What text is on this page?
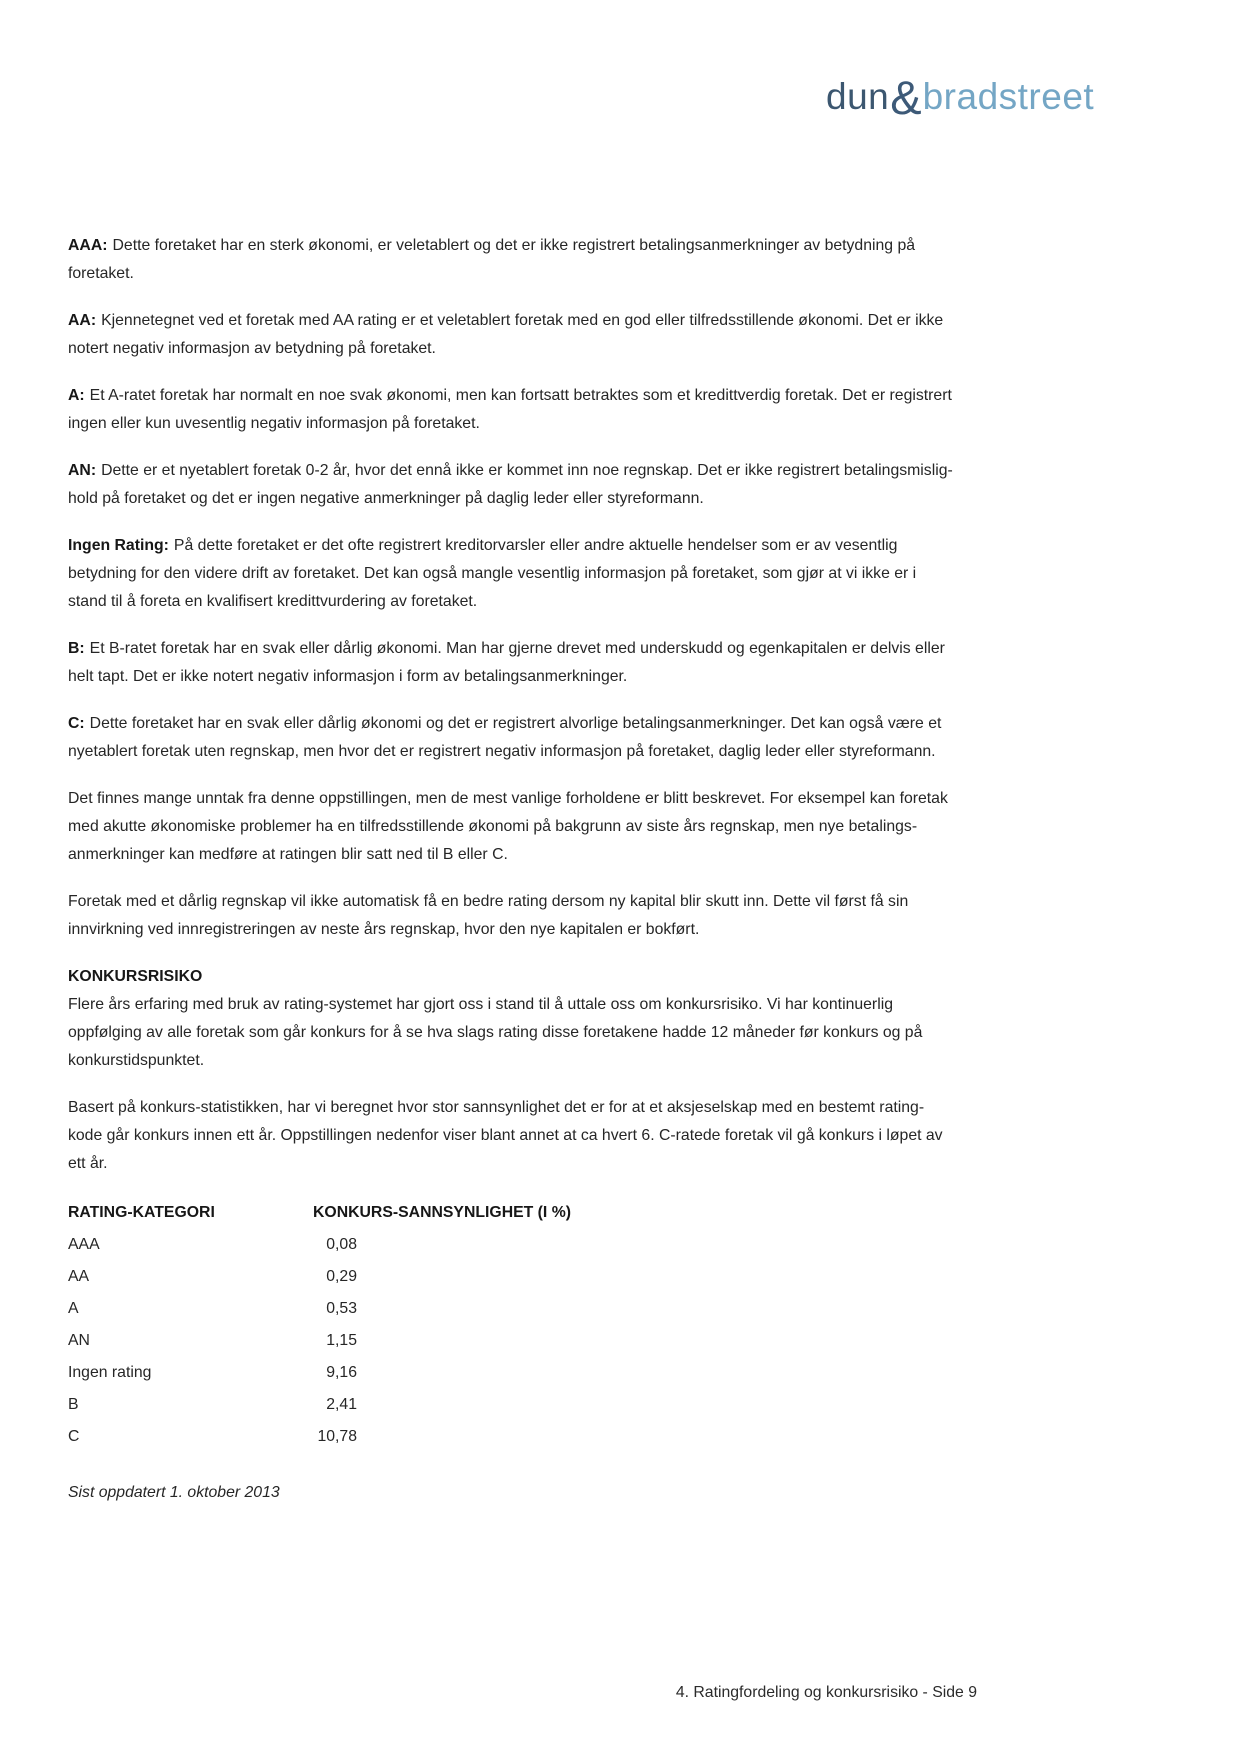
dun&bradstreet

AAA: Dette foretaket har en sterk økonomi, er veletablert og det er ikke registrert betalingsanmerkninger av betydning på foretaket.

AA: Kjennetegnet ved et foretak med AA rating er et veletablert foretak med en god eller tilfredsstillende økonomi. Det er ikke notert negativ informasjon av betydning på foretaket.

A: Et A-ratet foretak har normalt en noe svak økonomi, men kan fortsatt betraktes som et kredittverdig foretak. Det er registrert ingen eller kun uvesentlig negativ informasjon på foretaket.

AN: Dette er et nyetablert foretak 0-2 år, hvor det ennå ikke er kommet inn noe regnskap. Det er ikke registrert betalingsmislig- hold på foretaket og det er ingen negative anmerkninger på daglig leder eller styreformann.

Ingen Rating: På dette foretaket er det ofte registrert kreditorvarsler eller andre aktuelle hendelser som er av vesentlig betydning for den videre drift av foretaket. Det kan også mangle vesentlig informasjon på foretaket, som gjør at vi ikke er i stand til å foreta en kvalifisert kredittvurdering av foretaket.

B: Et B-ratet foretak har en svak eller dårlig økonomi. Man har gjerne drevet med underskudd og egenkapitalen er delvis eller helt tapt. Det er ikke notert negativ informasjon i form av betalingsanmerkninger.

C: Dette foretaket har en svak eller dårlig økonomi og det er registrert alvorlige betalingsanmerkninger. Det kan også være et nyetablert foretak uten regnskap, men hvor det er registrert negativ informasjon på foretaket, daglig leder eller styreformann.

Det finnes mange unntak fra denne oppstillingen, men de mest vanlige forholdene er blitt beskrevet. For eksempel kan foretak med akutte økonomiske problemer ha en tilfredsstillende økonomi på bakgrunn av siste års regnskap, men nye betalings- anmerkninger kan medføre at ratingen blir satt ned til B eller C.

Foretak med et dårlig regnskap vil ikke automatisk få en bedre rating dersom ny kapital blir skutt inn. Dette vil først få sin innvirkning ved innregistreringen av neste års regnskap, hvor den nye kapitalen er bokført.

KONKURSRISIKO
Flere års erfaring med bruk av rating-systemet har gjort oss i stand til å uttale oss om konkursrisiko. Vi har kontinuerlig oppfølging av alle foretak som går konkurs for å se hva slags rating disse foretakene hadde 12 måneder før konkurs og på konkurstidspunktet.

Basert på konkurs-statistikken, har vi beregnet hvor stor sannsynlighet det er for at et aksjeselskap med en bestemt rating-kode går konkurs innen ett år. Oppstillingen nedenfor viser blant annet at ca hvert 6. C-ratede foretak vil gå konkurs i løpet av ett år.

RATING-KATEGORI	KONKURS-SANNSYNLIGHET (I %)
AAA	0,08
AA	0,29
A	0,53
AN	1,15
Ingen rating	9,16
B	2,41
C	10,78
Sist oppdatert 1. oktober 2013
4. Ratingfordeling og konkursrisiko - Side 9
